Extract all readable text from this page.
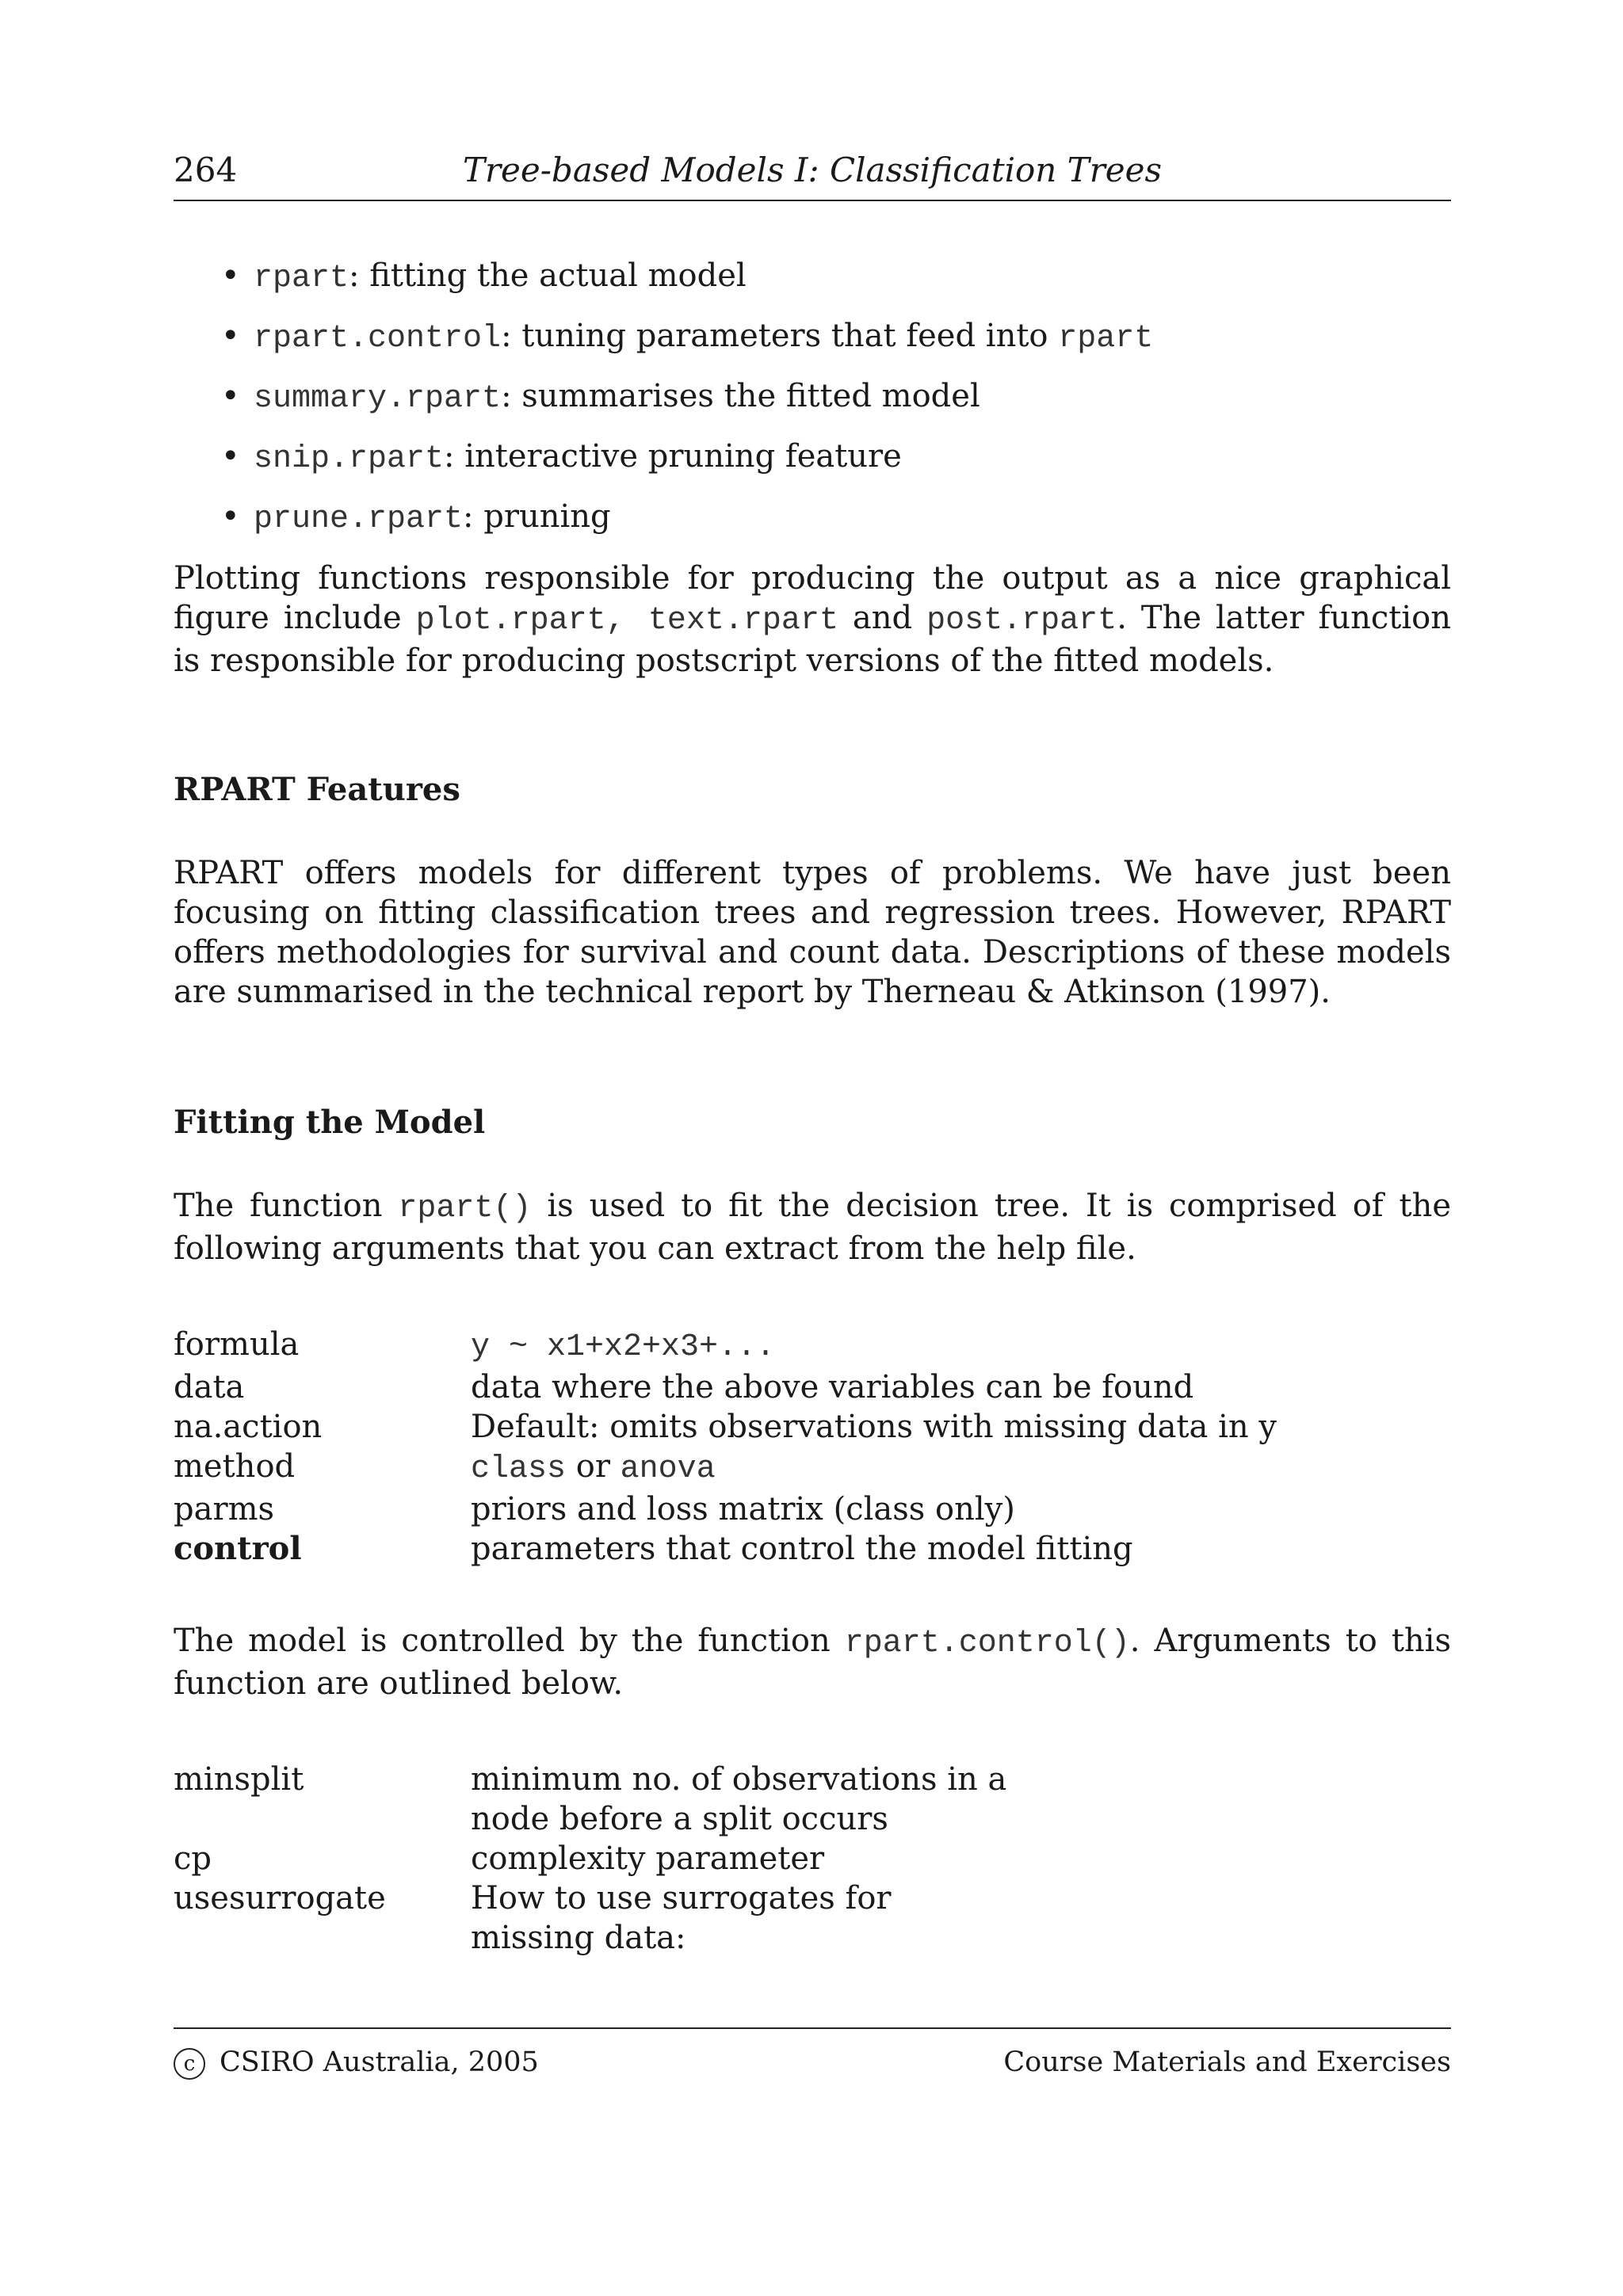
264	Tree-based Models I: Classification Trees
• rpart: fitting the actual model
• rpart.control: tuning parameters that feed into rpart
• summary.rpart: summarises the fitted model
• snip.rpart: interactive pruning feature
• prune.rpart: pruning

Plotting functions responsible for producing the output as a nice graphical figure include plot.rpart, text.rpart and post.rpart. The latter function is responsible for producing postscript versions of the fitted models.

RPART Features

RPART offers models for different types of problems. We have just been focusing on fitting classification trees and regression trees. However, RPART offers methodologies for survival and count data. Descriptions of these models are summarised in the technical report by Therneau & Atkinson (1997).

Fitting the Model

The function rpart() is used to fit the decision tree. It is comprised of the following arguments that you can extract from the help file.

formula	y ~ x1+x2+x3+...
data	data where the above variables can be found
na.action	Default: omits observations with missing data in y
method	class or anova
parms	priors and loss matrix (class only)
control	parameters that control the model fitting

The model is controlled by the function rpart.control(). Arguments to this function are outlined below.

minsplit	minimum no. of observations in a
node before a split occurs
cp	complexity parameter
usesurrogate	How to use surrogates for
missing data:
c CSIRO Australia, 2005	Course Materials and Exercises
